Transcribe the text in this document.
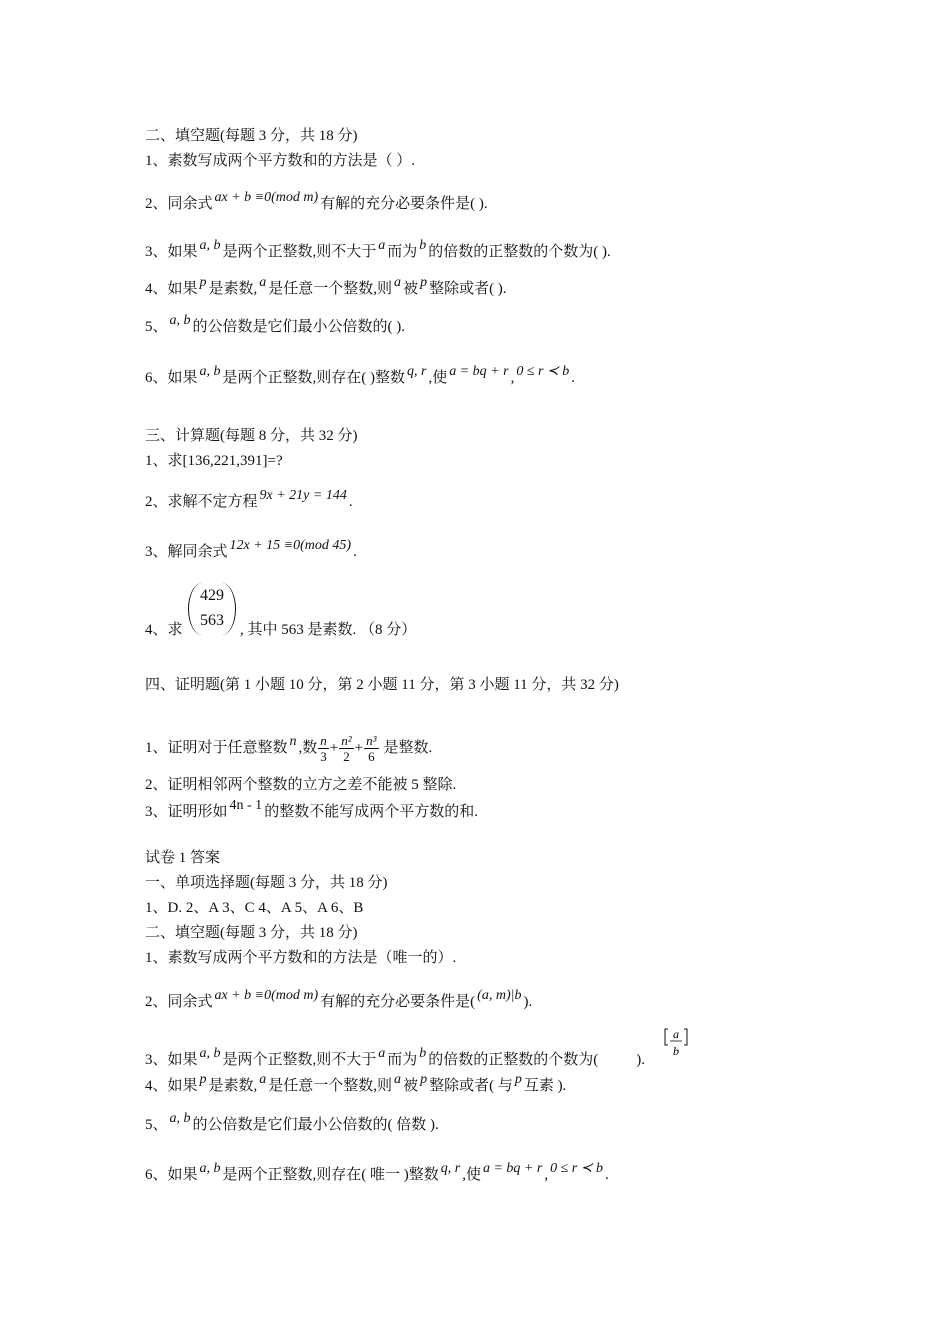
二、填空题(每题 3 分，共 18 分)
1、素数写成两个平方数和的方法是（ ）.
2、同余式 ax + b ≡0(mod m) 有解的充分必要条件是( ).
3、如果 a, b 是两个正整数,则不大于 a 而为 b 的倍数的正整数的个数为( ).
4、如果 p 是素数, a 是任意一个整数,则 a 被 p 整除或者( ).
5、 a, b 的公倍数是它们最小公倍数的( ).
6、如果 a, b 是两个正整数,则存在( )整数 q, r ,使 a = bq + r , 0 ≤ r ≺ b .
三、计算题(每题 8 分，共 32 分)
1、求[136,221,391]=?
2、求解不定方程 9x + 21y = 144 .
3、解同余式 12x + 15 ≡0(mod 45) .
4、求
429
563
, 其中 563 是素数. （8 分）
四、证明题(第 1 小题 10 分，第 2 小题 11 分，第 3 小题 11 分，共 32 分)
1、证明对于任意整数 n ,数 $\frac{n}{3} + \frac{\text{n²}}{2} + \frac{\text{n³}}{6}$ 是整数.
2、证明相邻两个整数的立方之差不能被 5 整除.
3、证明形如 4n - 1 的整数不能写成两个平方数的和.
试卷 1 答案
一、单项选择题(每题 3 分，共 18 分)
1、D. 2、A 3、C 4、A 5、A 6、B
二、填空题(每题 3 分，共 18 分)
1、素数写成两个平方数和的方法是（唯一的）.
2、同余式 ax + b ≡0(mod m) 有解的充分必要条件是( (a, m)|b ).
3、如果 a, b 是两个正整数,则不大于 a 而为 b 的倍数的正整数的个数为(	).
a
b
4、如果 p 是素数, a 是任意一个整数,则 a 被 p 整除或者( 与 p 互素 ).
5、 a, b 的公倍数是它们最小公倍数的( 倍数 ).
6、如果 a, b 是两个正整数,则存在( 唯一 )整数 q, r ,使 a = bq + r , 0 ≤ r ≺ b .
